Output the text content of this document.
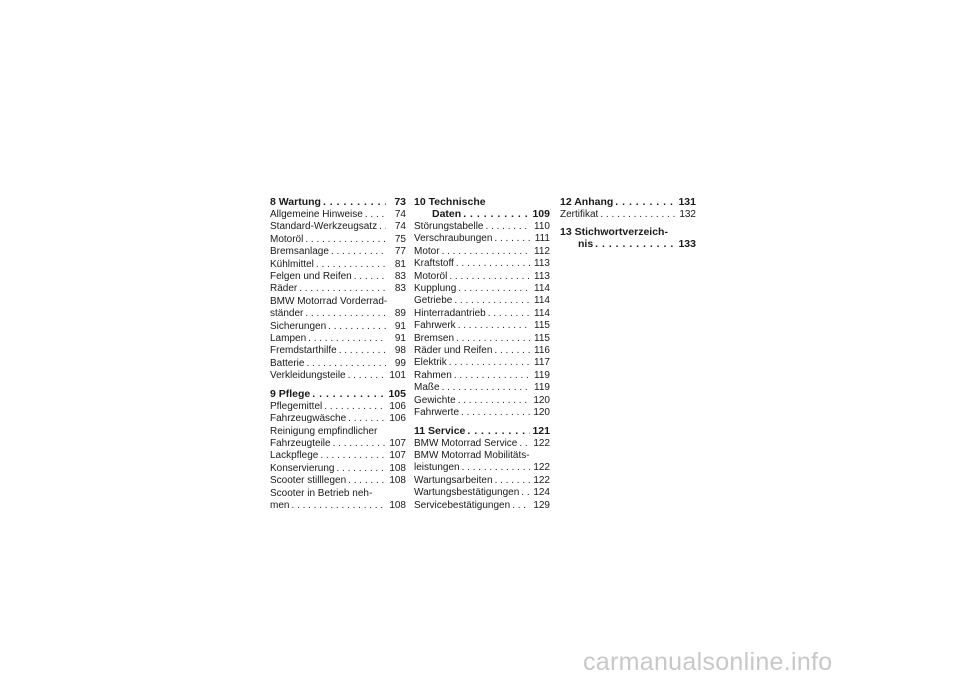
8 Wartung . . .	73
Allgemeine Hinweise . . .	74
Standard-Werkzeugsatz . . .	74
Motoröl . . .	75
Bremsanlage . . .	77
Kühlmittel . . .	81
Felgen und Reifen . . .	83
Räder . . .	83
BMW Motorrad Vorderrad-
ständer . . .	89
Sicherungen . . .	91
Lampen . . .	91
Fremdstarthilfe . . .	98
Batterie . . .	99
Verkleidungsteile . . .	101
9 Pflege . . .	105
Pflegemittel . . .	106
Fahrzeugwäsche . . .	106
Reinigung empfindlicher
Fahrzeugteile . . .	107
Lackpflege . . .	107
Konservierung . . .	108
Scooter stilllegen . . .	108
Scooter in Betrieb neh-
men . . .	108
10 Technische
Daten . . .	109
Störungstabelle . . .	110
Verschraubungen . . .	111
Motor . . .	112
Kraftstoff . . .	113
Motoröl . . .	113
Kupplung . . .	114
Getriebe . . .	114
Hinterradantrieb . . .	114
Fahrwerk . . .	115
Bremsen . . .	115
Räder und Reifen . . .	116
Elektrik . . .	117
Rahmen . . .	119
Maße . . .	119
Gewichte . . .	120
Fahrwerte . . .	120
11 Service . . .	121
BMW Motorrad Service . . . 122
BMW Motorrad Mobilitäts-
leistungen . . .	122
Wartungsarbeiten . . .	122
Wartungsbestätigungen . . . 124
Servicebestätigungen . . . 129
12 Anhang . . .	131
Zertifikat . . .	132
13 Stichwortverzeich-
nis . . .	133
carmanualsonline.info
